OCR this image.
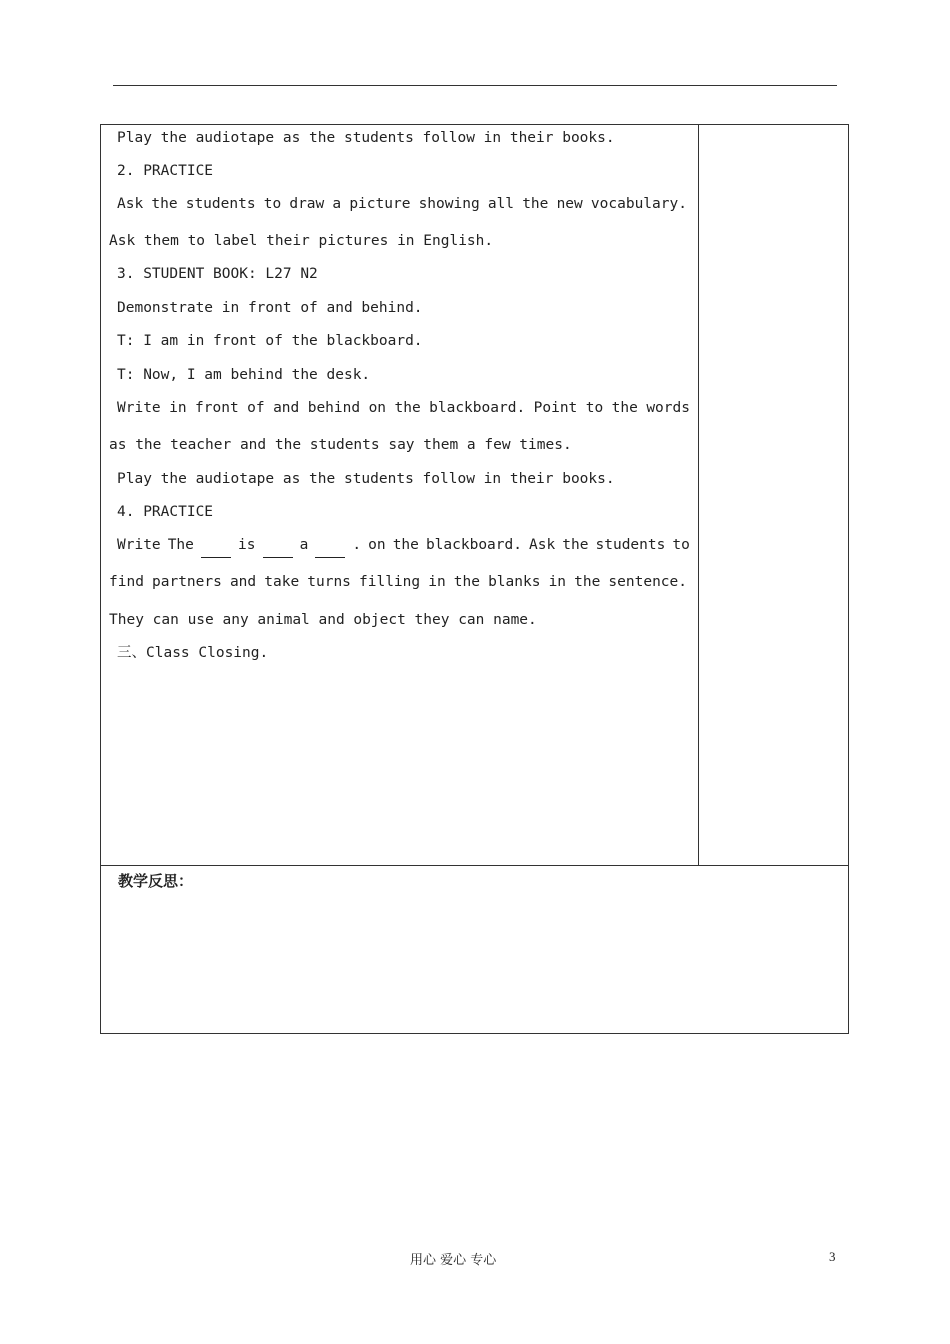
Play the audiotape as the students follow in their books.
2. PRACTICE
Ask the students to draw a picture showing all the new vocabulary.
Ask them to label their pictures in English.
3. STUDENT BOOK: L27 N2
Demonstrate in front of and behind.
T: I am in front of the blackboard.
T: Now, I am behind the desk.
Write in front of and behind on the blackboard. Point to the words
as the teacher and the students say them a few times.
Play the audiotape as the students follow in their books.
4. PRACTICE
Write The	is	a	. on the blackboard. Ask the students to
find partners and take turns filling in the blanks in the sentence.
They can use any animal and object they can name.
三、Class Closing.
教学反思：
用心 爱心 专心	3
